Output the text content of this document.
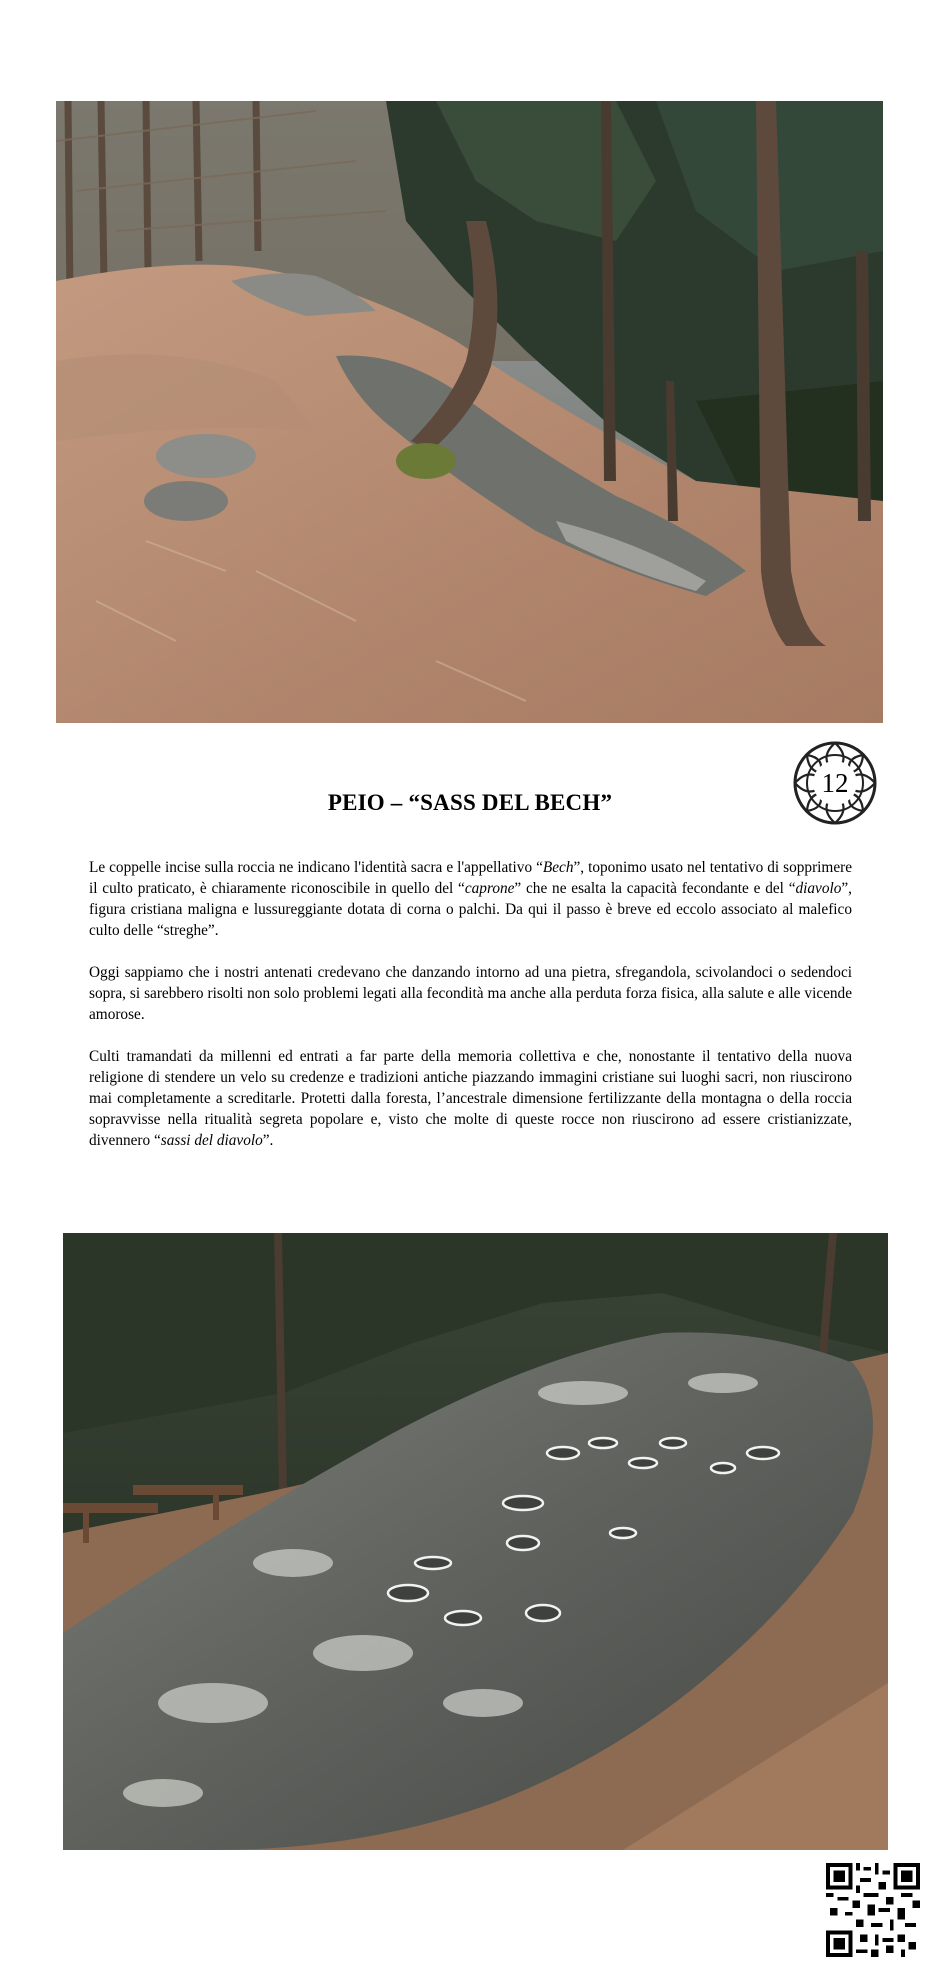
12
PEIO – “SASS DEL BECH”

Le coppelle incise sulla roccia ne indicano l'identità sacra e l'appellativo “Bech”, toponimo usato nel tentativo di sopprimere il culto praticato, è chiaramente riconoscibile in quello del “caprone” che ne esalta la capacità fecondante e del “diavolo”, figura cristiana maligna e lussureggiante dotata di corna o palchi. Da qui il passo è breve ed eccolo associato al malefico culto delle “streghe”.

Oggi sappiamo che i nostri antenati credevano che danzando intorno ad una pietra, sfregandola, scivolandoci o sedendoci sopra, si sarebbero risolti non solo problemi legati alla fecondità ma anche alla perduta forza fisica, alla salute e alle vicende amorose.

Culti tramandati da millenni ed entrati a far parte della memoria collettiva e che, nonostante il tentativo della nuova religione di stendere un velo su credenze e tradizioni antiche piazzando immagini cristiane sui luoghi sacri, non riuscirono mai completamente a screditarle. Protetti dalla foresta, l’ancestrale dimensione fertilizzante della montagna o della roccia sopravvisse nella ritualità segreta popolare e, visto che molte di queste rocce non riuscirono ad essere cristianizzate, divennero “sassi del diavolo”.
